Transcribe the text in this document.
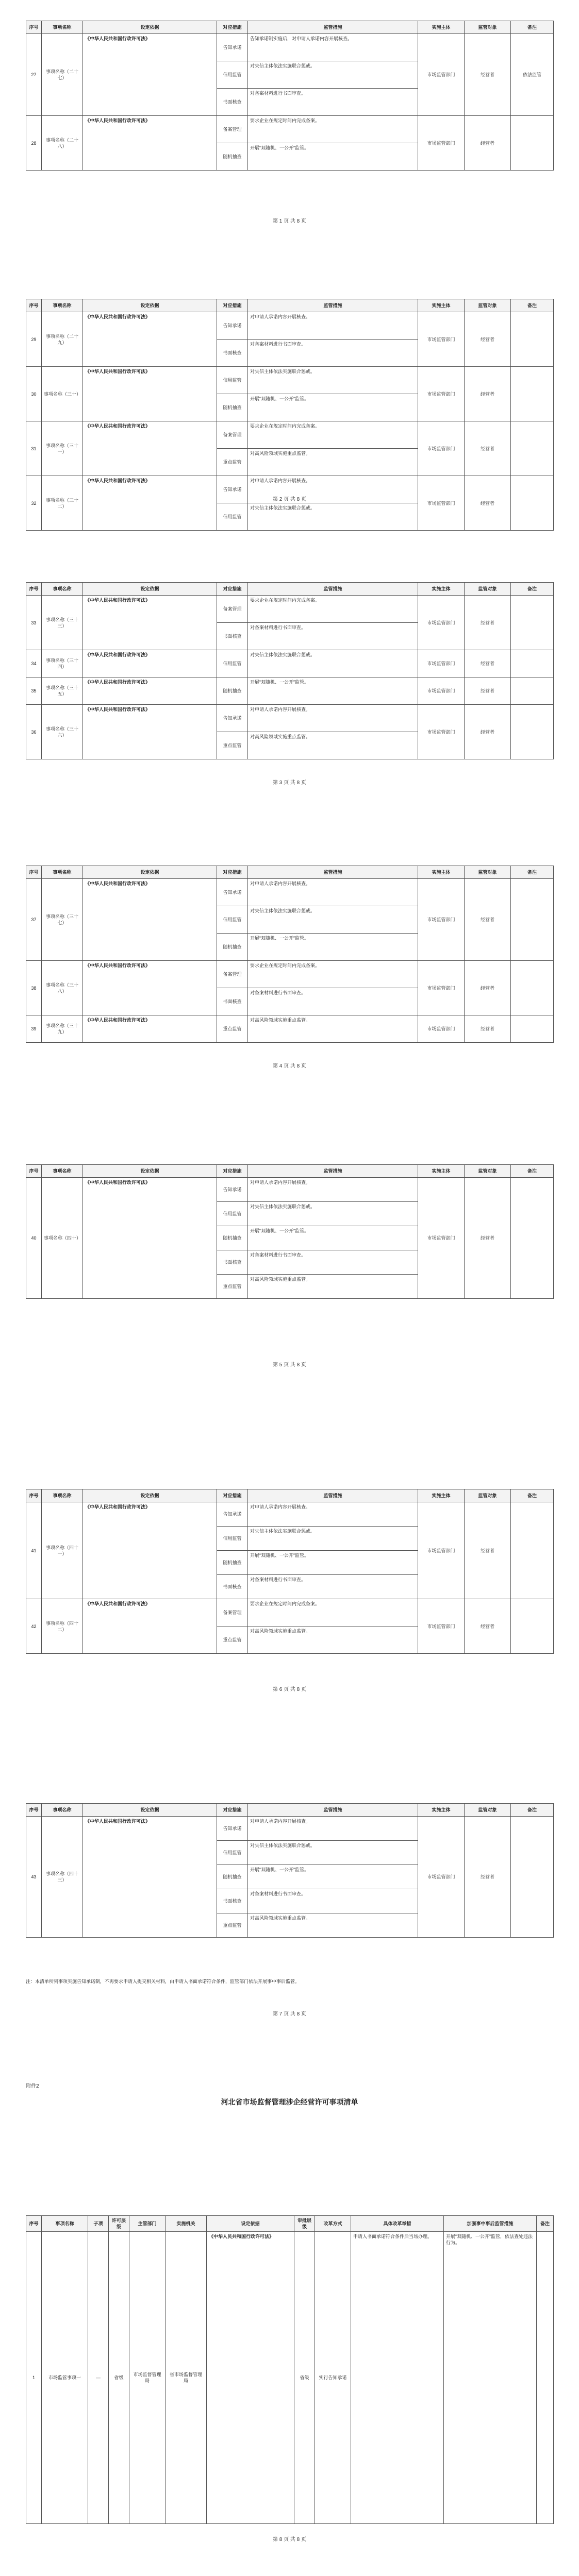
序号	事项名称	设定依据	对应措施	监管措施	实施主体	监管对象	备注
27	事项名称（二十七）	《中华人民共和国行政许可法》	告知承诺	告知承诺制实施后，对申请人承诺内容开展核查。	市场监管部门	经营者	依法监管
			信用监管	对失信主体依法实施联合惩戒。			
			书面核查	对备案材料进行书面审查。			
28	事项名称（二十八）	《中华人民共和国行政许可法》	备案管理	要求企业在规定时间内完成备案。	市场监管部门	经营者	
			随机抽查	开展“双随机、一公开”监管。			
第 1 页 共 8 页
序号	事项名称	设定依据	对应措施	监管措施	实施主体	监管对象	备注
29	事项名称（二十九）	《中华人民共和国行政许可法》	告知承诺	对申请人承诺内容开展核查。	市场监管部门	经营者	
			书面核查	对备案材料进行书面审查。			
30	事项名称（三十）	《中华人民共和国行政许可法》	信用监管	对失信主体依法实施联合惩戒。	市场监管部门	经营者	
			随机抽查	开展“双随机、一公开”监管。			
31	事项名称（三十一）	《中华人民共和国行政许可法》	备案管理	要求企业在规定时间内完成备案。	市场监管部门	经营者	
			重点监管	对高风险领域实施重点监管。			
32	事项名称（三十二）	《中华人民共和国行政许可法》	告知承诺	对申请人承诺内容开展核查。	市场监管部门	经营者	
			信用监管	对失信主体依法实施联合惩戒。			
第 2 页 共 8 页
序号	事项名称	设定依据	对应措施	监管措施	实施主体	监管对象	备注
33	事项名称（三十三）	《中华人民共和国行政许可法》	备案管理	要求企业在规定时间内完成备案。	市场监管部门	经营者	
			书面核查	对备案材料进行书面审查。			
34	事项名称（三十四）	《中华人民共和国行政许可法》	信用监管	对失信主体依法实施联合惩戒。	市场监管部门	经营者	
35	事项名称（三十五）	《中华人民共和国行政许可法》	随机抽查	开展“双随机、一公开”监管。	市场监管部门	经营者	
36	事项名称（三十六）	《中华人民共和国行政许可法》	告知承诺	对申请人承诺内容开展核查。	市场监管部门	经营者	
			重点监管	对高风险领域实施重点监管。			
第 3 页 共 8 页
序号	事项名称	设定依据	对应措施	监管措施	实施主体	监管对象	备注
37	事项名称（三十七）	《中华人民共和国行政许可法》	告知承诺	对申请人承诺内容开展核查。	市场监管部门	经营者	
			信用监管	对失信主体依法实施联合惩戒。			
			随机抽查	开展“双随机、一公开”监管。			
38	事项名称（三十八）	《中华人民共和国行政许可法》	备案管理	要求企业在规定时间内完成备案。	市场监管部门	经营者	
			书面核查	对备案材料进行书面审查。			
39	事项名称（三十九）	《中华人民共和国行政许可法》	重点监管	对高风险领域实施重点监管。	市场监管部门	经营者	
第 4 页 共 8 页
序号	事项名称	设定依据	对应措施	监管措施	实施主体	监管对象	备注
40	事项名称（四十）	《中华人民共和国行政许可法》	告知承诺	对申请人承诺内容开展核查。	市场监管部门	经营者	
			信用监管	对失信主体依法实施联合惩戒。			
			随机抽查	开展“双随机、一公开”监管。			
			书面核查	对备案材料进行书面审查。			
			重点监管	对高风险领域实施重点监管。			
第 5 页 共 8 页
序号	事项名称	设定依据	对应措施	监管措施	实施主体	监管对象	备注
41	事项名称（四十一）	《中华人民共和国行政许可法》	告知承诺	对申请人承诺内容开展核查。	市场监管部门	经营者	
			信用监管	对失信主体依法实施联合惩戒。			
			随机抽查	开展“双随机、一公开”监管。			
			书面核查	对备案材料进行书面审查。			
42	事项名称（四十二）	《中华人民共和国行政许可法》	备案管理	要求企业在规定时间内完成备案。	市场监管部门	经营者	
			重点监管	对高风险领域实施重点监管。			
第 6 页 共 8 页
序号	事项名称	设定依据	对应措施	监管措施	实施主体	监管对象	备注
43	事项名称（四十三）	《中华人民共和国行政许可法》	告知承诺	对申请人承诺内容开展核查。	市场监管部门	经营者	
			信用监管	对失信主体依法实施联合惩戒。			
			随机抽查	开展“双随机、一公开”监管。			
			书面核查	对备案材料进行书面审查。			
			重点监管	对高风险领域实施重点监管。			
注：本清单所列事项实施告知承诺制，不再要求申请人提交相关材料，由申请人书面承诺符合条件，监管部门依法开展事中事后监管。
第 7 页 共 8 页
附件2
河北省市场监督管理涉企经营许可事项清单
序号	事项名称	子项	许可层级	主管部门	实施机关	设定依据	审批层级	改革方式	具体改革举措	加强事中事后监管措施	备注
1	市场监管事项一	—	省级	市场监督管理局	省市场监督管理局	《中华人民共和国行政许可法》	省级	实行告知承诺	申请人书面承诺符合条件后当场办理。	开展“双随机、一公开”监管，依法查处违法行为。	
第 8 页 共 8 页
